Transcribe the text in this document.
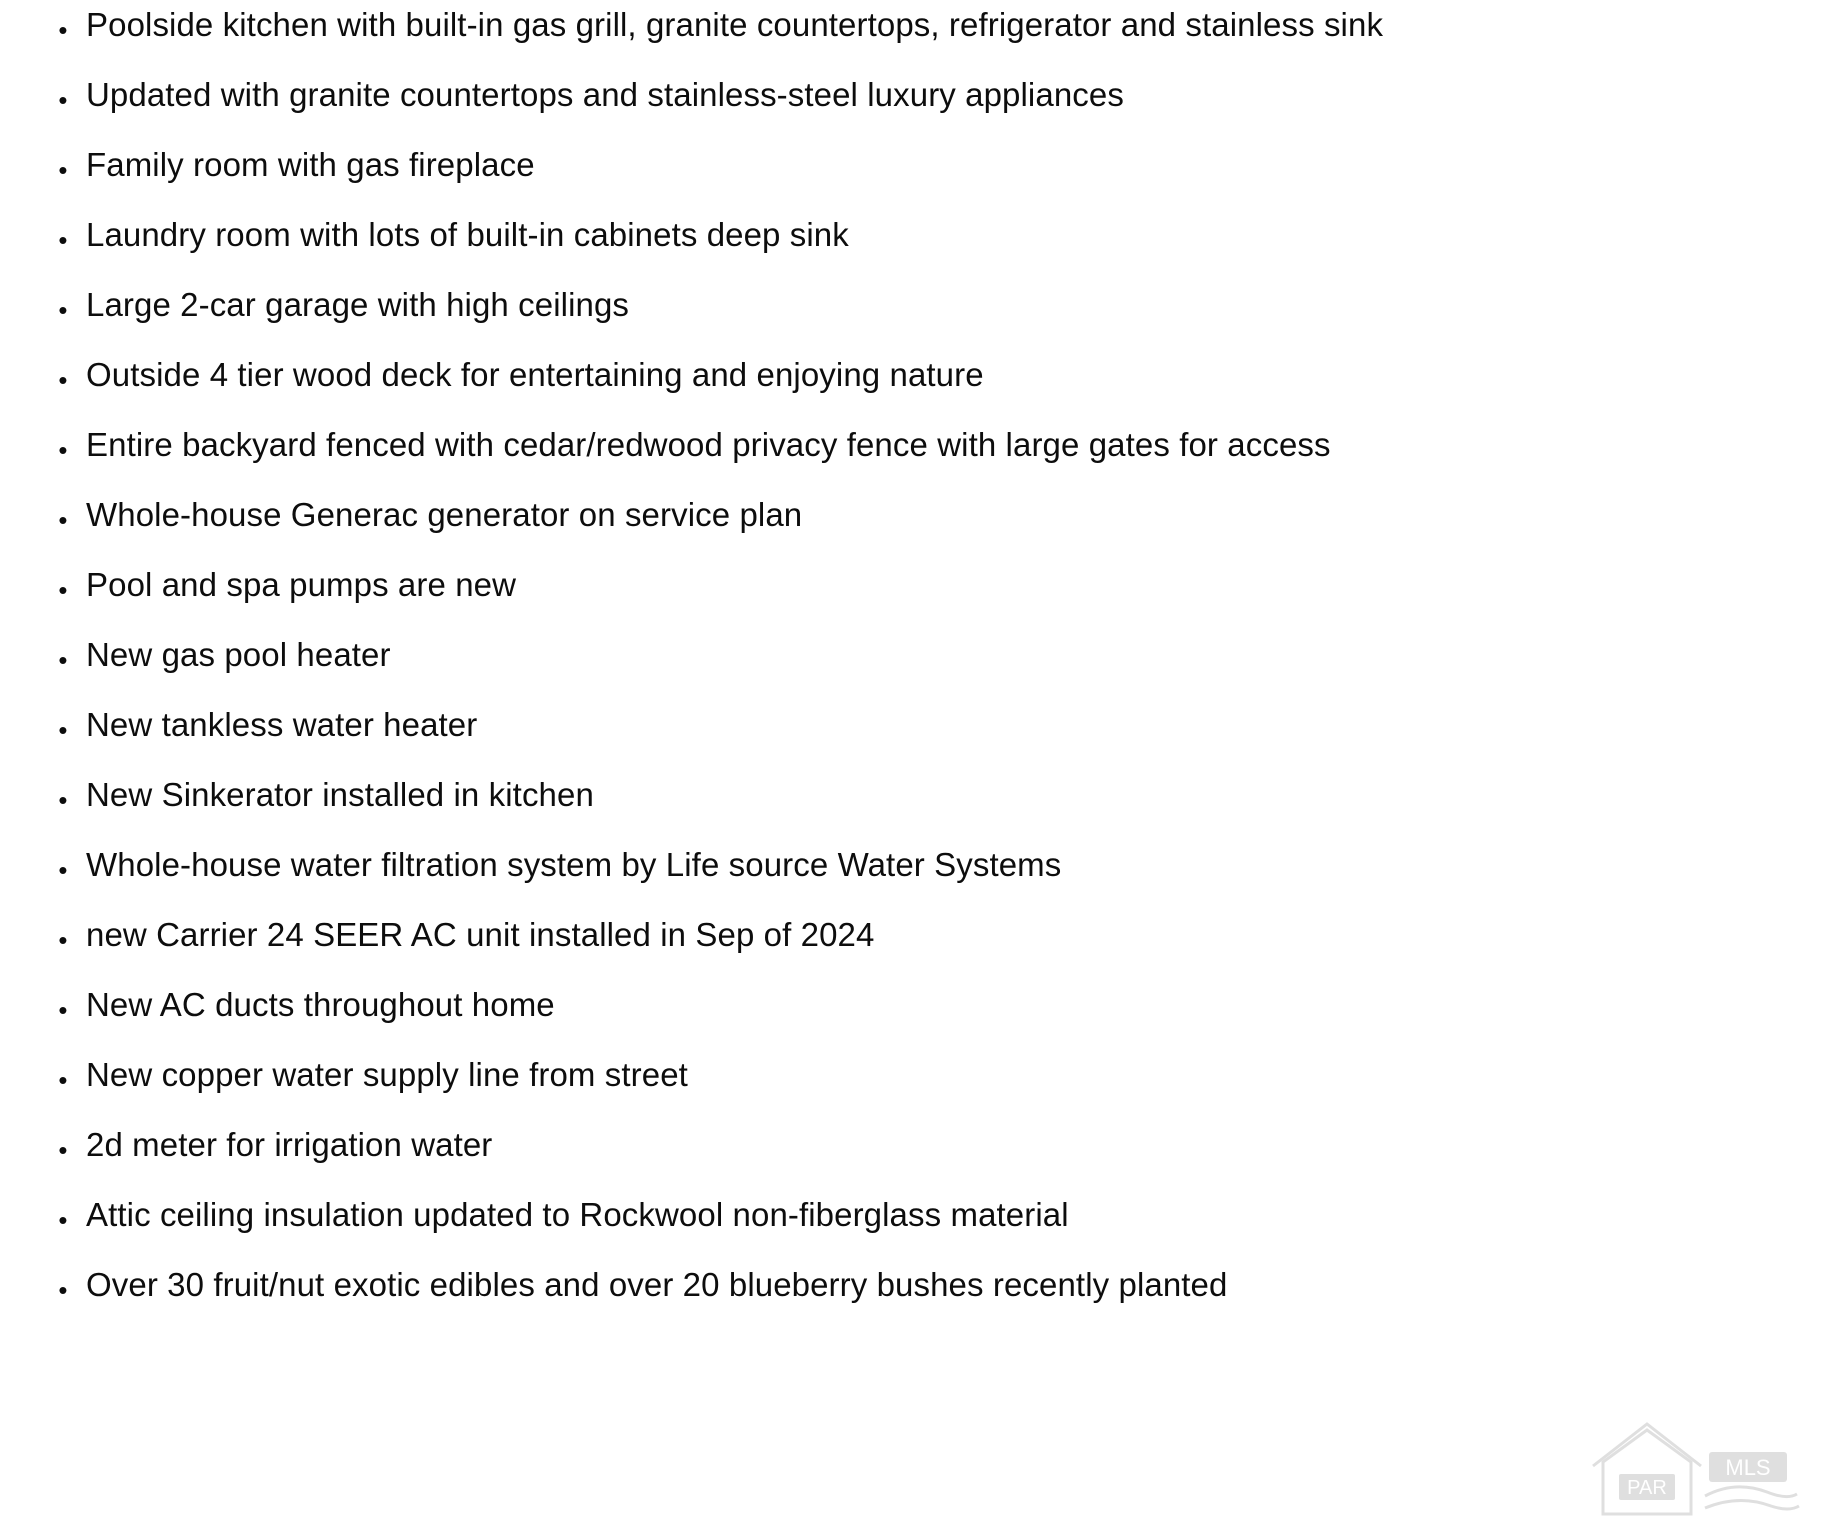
• Poolside kitchen with built-in gas grill, granite countertops, refrigerator and stainless sink
• Updated with granite countertops and stainless-steel luxury appliances
• Family room with gas fireplace
• Laundry room with lots of built-in cabinets deep sink
• Large 2-car garage with high ceilings
• Outside 4 tier wood deck for entertaining and enjoying nature
• Entire backyard fenced with cedar/redwood privacy fence with large gates for access
• Whole-house Generac generator on service plan
• Pool and spa pumps are new
• New gas pool heater
• New tankless water heater
• New Sinkerator installed in kitchen
• Whole-house water filtration system by Life source Water Systems
• new Carrier 24 SEER AC unit installed in Sep of 2024
• New AC ducts throughout home
• New copper water supply line from street
• 2d meter for irrigation water
• Attic ceiling insulation updated to Rockwool non-fiberglass material
• Over 30 fruit/nut exotic edibles and over 20 blueberry bushes recently planted
PAR
MLS
